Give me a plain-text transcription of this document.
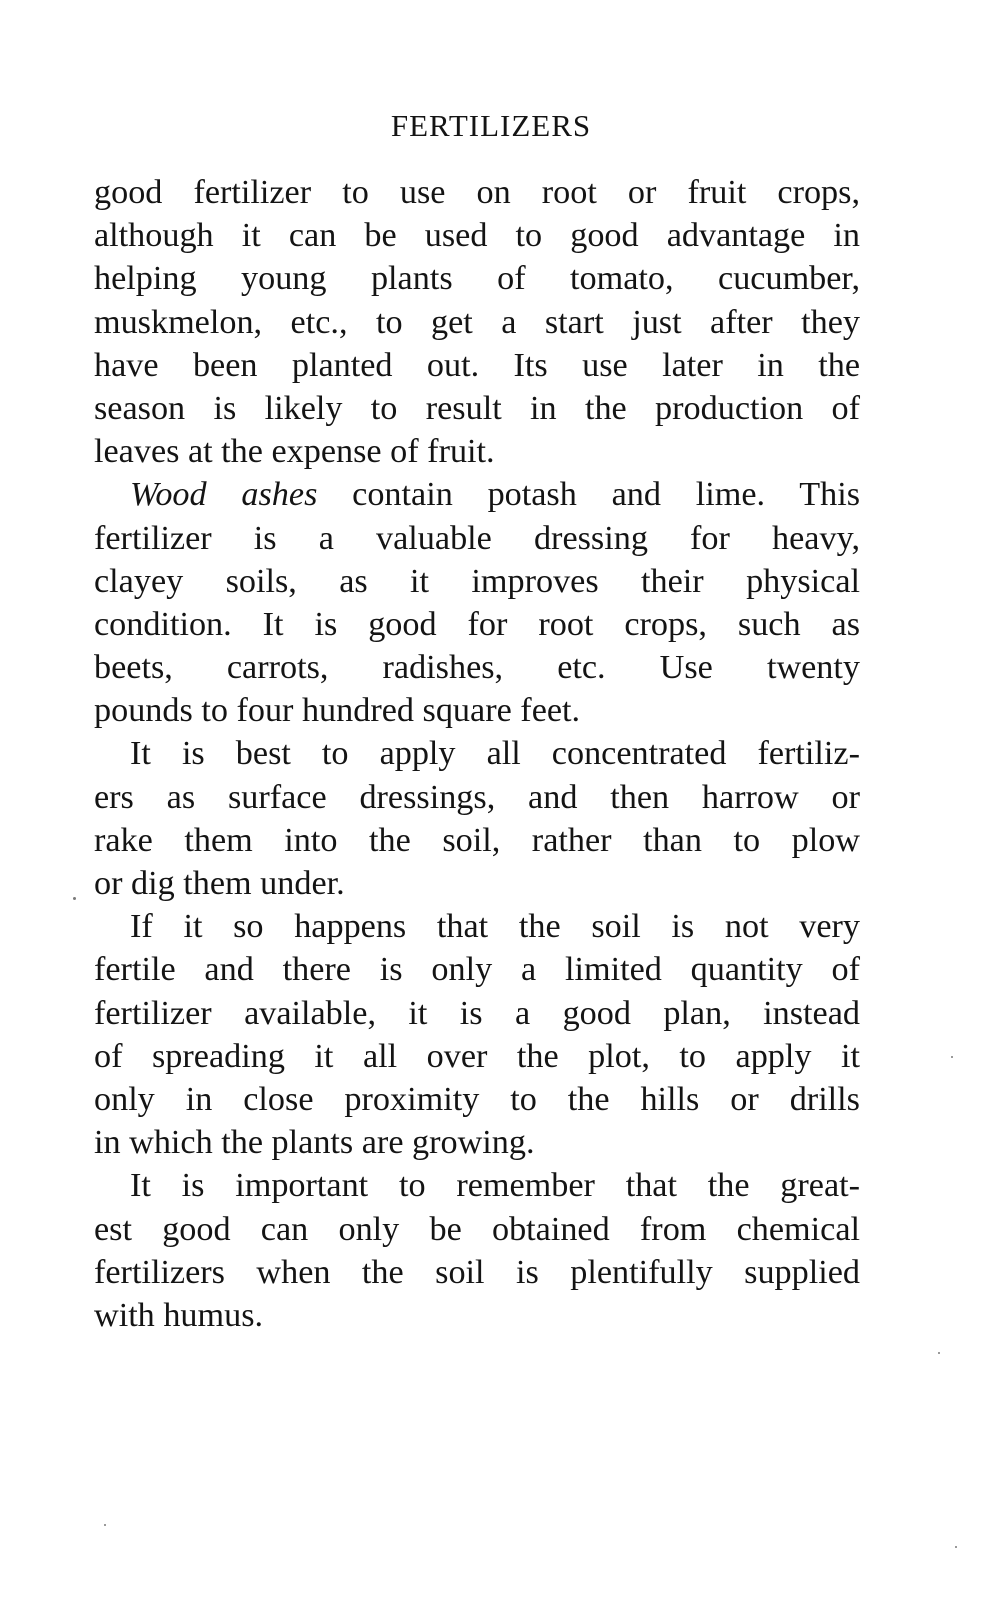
FERTILIZERS
good fertilizer to use on root or fruit crops,
although it can be used to good advantage in
helping young plants of tomato, cucumber,
muskmelon, etc., to get a start just after they
have been planted out. Its use later in the
season is likely to result in the production of
leaves at the expense of fruit.
Wood ashes contain potash and lime. This
fertilizer is a valuable dressing for heavy,
clayey soils, as it improves their physical
condition. It is good for root crops, such as
beets, carrots, radishes, etc. Use twenty
pounds to four hundred square feet.
It is best to apply all concentrated fertiliz-
ers as surface dressings, and then harrow or
rake them into the soil, rather than to plow
or dig them under.
If it so happens that the soil is not very
fertile and there is only a limited quantity of
fertilizer available, it is a good plan, instead
of spreading it all over the plot, to apply it
only in close proximity to the hills or drills
in which the plants are growing.
It is important to remember that the great-
est good can only be obtained from chemical
fertilizers when the soil is plentifully supplied
with humus.
